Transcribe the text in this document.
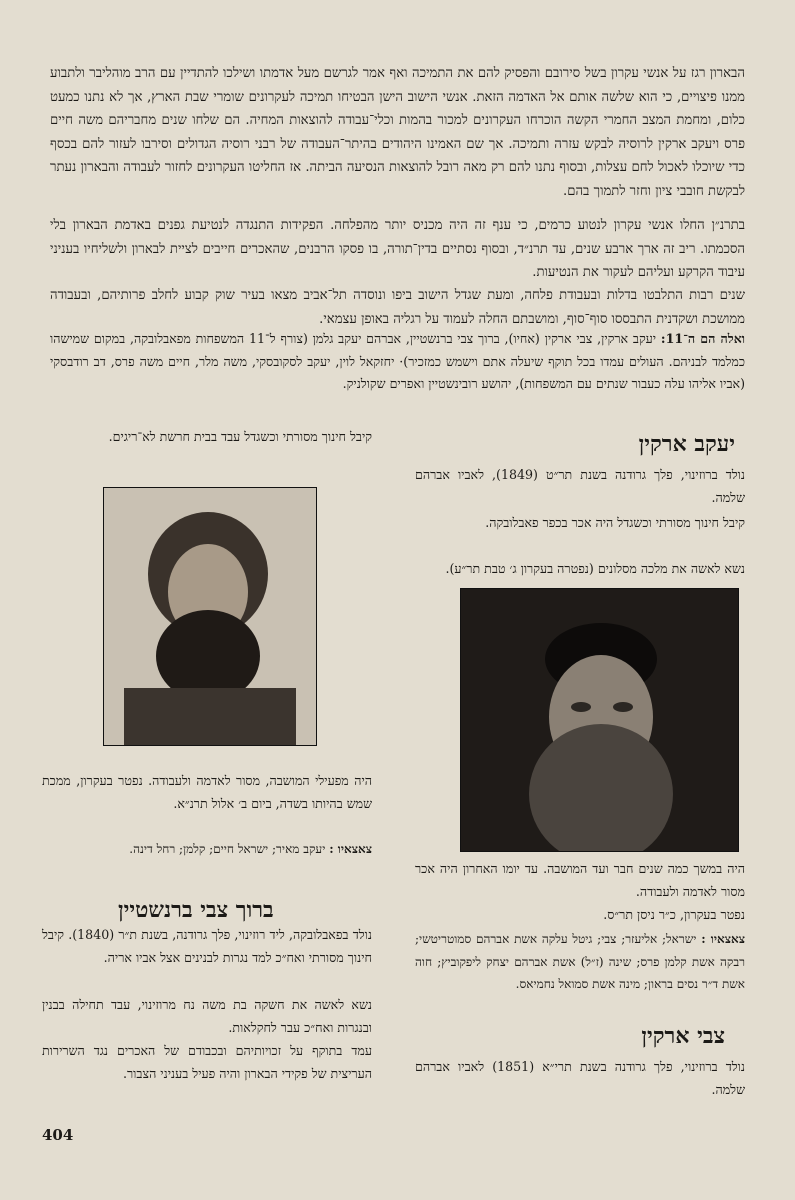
הבארון רגז על אנשי עקרון בשל סירובם והפסיק להם את התמיכה ואף אמר לגרשם מעל אדמתו ושילכו להתדיין עם הרב מוהליבר ולתבוע ממנו פיצויים, כי הוא שלשה אותם אל האדמה הזאת. אנשי הישוב הישן הבטיחו תמיכה לעקרונים שומרי שבת הארץ, אך לא נתנו כמעט כלום, ומחמת המצב החמרי הקשה הוכרחו העקרונים למכור בהמות וכלי־עבודה להוצאות המחיה. הם שלחו שנים מחבריהם משה חיים פרס ויעקב ארקין לרוסיה לבקש עזרה ותמיכה. אך שם האמינו היהודים בהיתר־העבודה של רבני רוסיה הגדולים וסירבו לעזור להם בכסף כדי שיוכלו לאכול לחם עצלות, ובסוף נתנו להם רק מאה רובל להוצאות הנסיעה הביתה. אז החליטו העקרונים לחזור לעבודה והבארון נעתר לבקשת חובבי ציון וחזר לתמוך בהם.

בתרנ״ן החלו אנשי עקרון לנטוע כרמים, כי ענף זה היה מכניס יותר מהפלחה. הפקידות התנגדה לנטיעת גפנים באדמת הבארון בלי הסכמתו. ריב זה ארך ארבע שנים, עד תרנ״ד, ובסוף נסתיים בדין־תורה, בו פסקו הרבנים, שהאכרים חייבים לציית לבארון ולשליחיו בעניני עיבוד הקרקע ועליהם לעקור את הנטיעות.

שנים רבות התלבטו בדלות ובעבודת פלחה, ומעת שגדל הישוב ביפו ונוסדה תל־אביב מצאו בעיר שוק קבוע לחלב פרותיהם, ובעבודה ממושכת ושקדנית התבססו סוף־סוף, ומושבתם החלה לעמוד על רגליה באופן עצמאי.

ואלה הם ה־11: יעקב ארקין, צבי ארקין (אחיו), ברוך צבי ברנשטיין, אברהם יעקב גלמן (צורף ל־11 המשפחות מפאבלובקה, במקום שמישהו כמלמד לבניהם. העולים עמדו בכל תוקף שיעלה אתם וישמש כמזכיר)· יחזקאל לוין, יעקב לסקובסקי, משה מלר, חיים משה פרס, דב רודבסקי (אביו אליהו עלה כעבור שנתים עם המשפחות), יהושע רובינשטיין ואפרים שקולניק.

יעקב ארקין

נולד ברוזינוי, פלך גרודנה בשנת תר״ט (1849), לאביו אברהם שלמה.

קיבל חינוך מסורתי וכשגדל היה אכר בכפר פאבלובקה.

נשא לאשה את מלכה מסלונים (נפטרה בעקרון ג׳ טבת תר״ע).

היה במשך כמה שנים חבר ועד המושבה. עד יומו האחרון היה אכר מסור לאדמה ולעבודה.

נפטר בעקרון, כ״ר ניסן תר״ס.

צאצאיו : ישראל; אליעזר; צבי; גיטל עלקה אשת אברהם סמוטריטשי; רבקה אשת קלמן פרס; שינה (ז״ל) אשת אברהם יצחק ליפקוביץ; חוה אשת ד״ר נסים בראון; מינה אשת סמואל נחמיאס.

צבי ארקין

נולד ברוזינוי, פלך גרודנה בשנת תרי״א (1851) לאביו אברהם שלמה.

קיבל חינוך מסורתי וכשגדל עבד בבית חרשת לא־ריגים.

היה מפעילי המושבה, מסור לאדמה ולעבודה. נפטר בעקרון, ממכת שמש בהיותו בשדה, ביום ב׳ אלול תרנ״א.

צאצאיו : יעקב מאיר; ישראל חיים; קלמן; רחל דינה.

ברוך צבי ברנשטיין

נולד בפאבלובקה, ליד רוזינוי, פלך גרודנה, בשנת ת״ר (1840). קיבל חינוך מסורתי ואח״כ למד נגרות לבנינים אצל אביו אריה.

נשא לאשה את חשקה בת משה נח מרוזינוי, עבד תחילה בבנין ובנגרות ואח״כ עבר לחקלאות.

עמד בתוקף על זכויותיהם ובכבודם של האכרים נגד השרירות העריצית של פקידי הבארון והיה פעיל בעניני הצבור.

404
